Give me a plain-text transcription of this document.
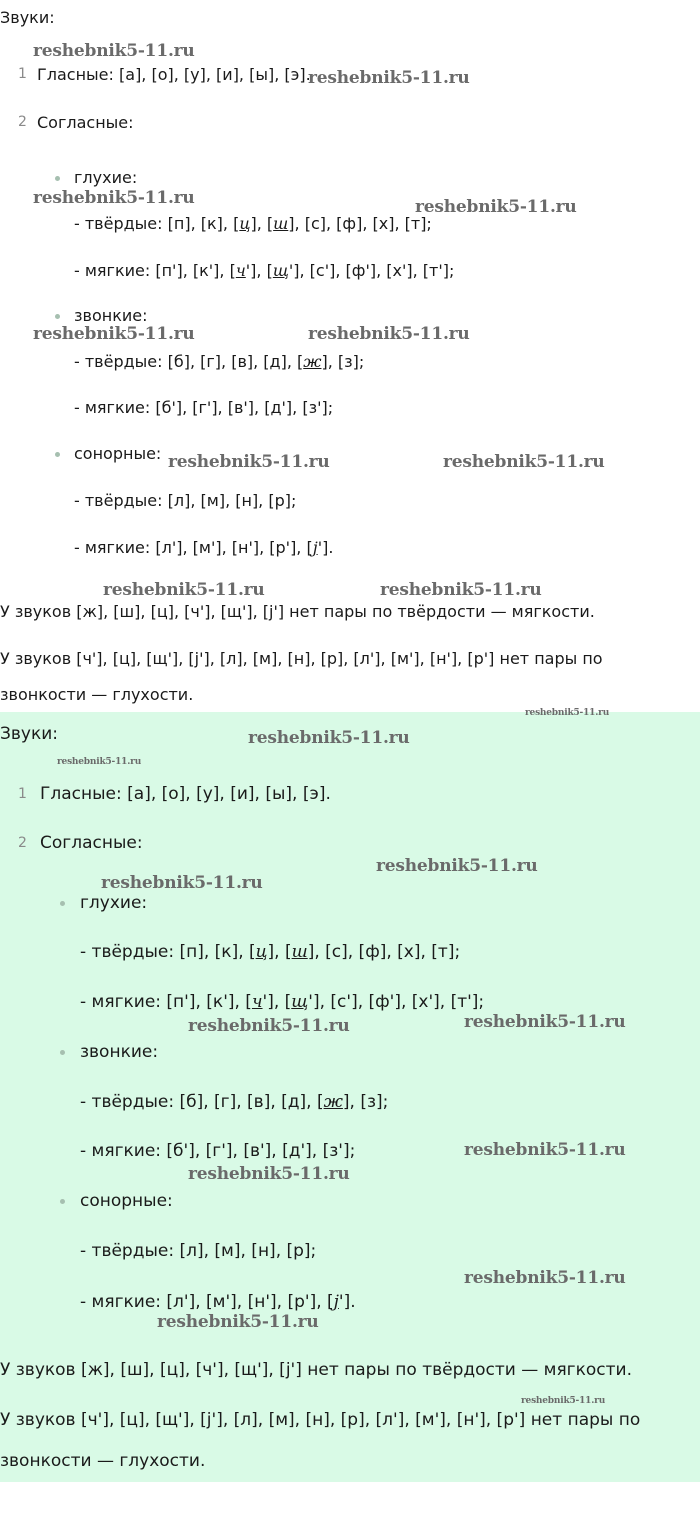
Звуки:
1 Гласные: [а], [о], [у], [и], [ы], [э].
2 Согласные:
глухие:
- твёрдые: [п], [к], [ц], [ш], [с], [ф], [х], [т];
- мягкие: [п'], [к'], [ч'], [щ'], [с'], [ф'], [х'], [т'];
звонкие:
- твёрдые: [б], [г], [в], [д], [ж], [з];
- мягкие: [б'], [г'], [в'], [д'], [з'];
сонорные:
- твёрдые: [л], [м], [н], [р];
- мягкие: [л'], [м'], [н'], [р'], [j'].
У звуков [ж], [ш], [ц], [ч'], [щ'], [j'] нет пары по твёрдости — мягкости.
У звуков [ч'], [ц], [щ'], [j'], [л], [м], [н], [р], [л'], [м'], [н'], [р'] нет пары по
звонкости — глухости.
reshebnik5-11.ru
reshebnik5-11.ru
reshebnik5-11.ru	reshebnik5-11.ru
reshebnik5-11.ru	reshebnik5-11.ru
reshebnik5-11.ru	reshebnik5-11.ru
reshebnik5-11.ru	reshebnik5-11.ru
Звуки:
1 Гласные: [а], [о], [у], [и], [ы], [э].
2 Согласные:
глухие:
- твёрдые: [п], [к], [ц], [ш], [с], [ф], [х], [т];
- мягкие: [п'], [к'], [ч'], [щ'], [с'], [ф'], [х'], [т'];
звонкие:
- твёрдые: [б], [г], [в], [д], [ж], [з];
- мягкие: [б'], [г'], [в'], [д'], [з'];
сонорные:
- твёрдые: [л], [м], [н], [р];
- мягкие: [л'], [м'], [н'], [р'], [j'].
У звуков [ж], [ш], [ц], [ч'], [щ'], [j'] нет пары по твёрдости — мягкости.
У звуков [ч'], [ц], [щ'], [j'], [л], [м], [н], [р], [л'], [м'], [н'], [р'] нет пары по
звонкости — глухости.
reshebnik5-11.ru
reshebnik5-11.ru
reshebnik5-11.ru
reshebnik5-11.ru
reshebnik5-11.ru
reshebnik5-11.ru	reshebnik5-11.ru
reshebnik5-11.ru
reshebnik5-11.ru
reshebnik5-11.ru
reshebnik5-11.ru
reshebnik5-11.ru
